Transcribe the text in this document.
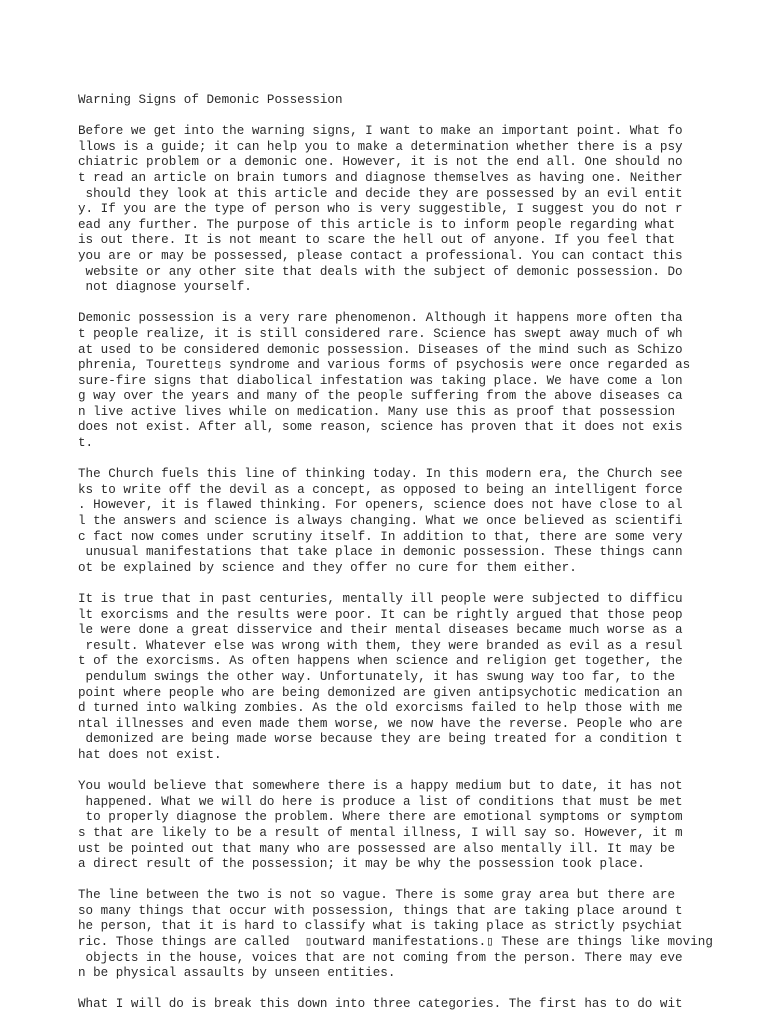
Warning Signs of Demonic Possession
Before we get into the warning signs, I want to make an important point. What fo
llows is a guide; it can help you to make a determination whether there is a psy
chiatric problem or a demonic one. However, it is not the end all. One should no
t read an article on brain tumors and diagnose themselves as having one. Neither
should they look at this article and decide they are possessed by an evil entit
y. If you are the type of person who is very suggestible, I suggest you do not r
ead any further. The purpose of this article is to inform people regarding what
is out there. It is not meant to scare the hell out of anyone. If you feel that
you are or may be possessed, please contact a professional. You can contact this
website or any other site that deals with the subject of demonic possession. Do
not diagnose yourself.
Demonic possession is a very rare phenomenon. Although it happens more often tha
t people realize, it is still considered rare. Science has swept away much of wh
at used to be considered demonic possession. Diseases of the mind such as Schizo
phrenia, Tourette▯s syndrome and various forms of psychosis were once regarded as
sure-fire signs that diabolical infestation was taking place. We have come a lon
g way over the years and many of the people suffering from the above diseases ca
n live active lives while on medication. Many use this as proof that possession
does not exist. After all, some reason, science has proven that it does not exis
t.
The Church fuels this line of thinking today. In this modern era, the Church see
ks to write off the devil as a concept, as opposed to being an intelligent force
. However, it is flawed thinking. For openers, science does not have close to al
l the answers and science is always changing. What we once believed as scientifi
c fact now comes under scrutiny itself. In addition to that, there are some very
unusual manifestations that take place in demonic possession. These things cann
ot be explained by science and they offer no cure for them either.
It is true that in past centuries, mentally ill people were subjected to difficu
lt exorcisms and the results were poor. It can be rightly argued that those peop
le were done a great disservice and their mental diseases became much worse as a
result. Whatever else was wrong with them, they were branded as evil as a resul
t of the exorcisms. As often happens when science and religion get together, the
pendulum swings the other way. Unfortunately, it has swung way too far, to the
point where people who are being demonized are given antipsychotic medication an
d turned into walking zombies. As the old exorcisms failed to help those with me
ntal illnesses and even made them worse, we now have the reverse. People who are
demonized are being made worse because they are being treated for a condition t
hat does not exist.
You would believe that somewhere there is a happy medium but to date, it has not
happened. What we will do here is produce a list of conditions that must be met
to properly diagnose the problem. Where there are emotional symptoms or symptom
s that are likely to be a result of mental illness, I will say so. However, it m
ust be pointed out that many who are possessed are also mentally ill. It may be
a direct result of the possession; it may be why the possession took place.
The line between the two is not so vague. There is some gray area but there are
so many things that occur with possession, things that are taking place around t
he person, that it is hard to classify what is taking place as strictly psychiat
ric. Those things are called  ▯outward manifestations.▯ These are things like moving
objects in the house, voices that are not coming from the person. There may eve
n be physical assaults by unseen entities.
What I will do is break this down into three categories. The first has to do wit
